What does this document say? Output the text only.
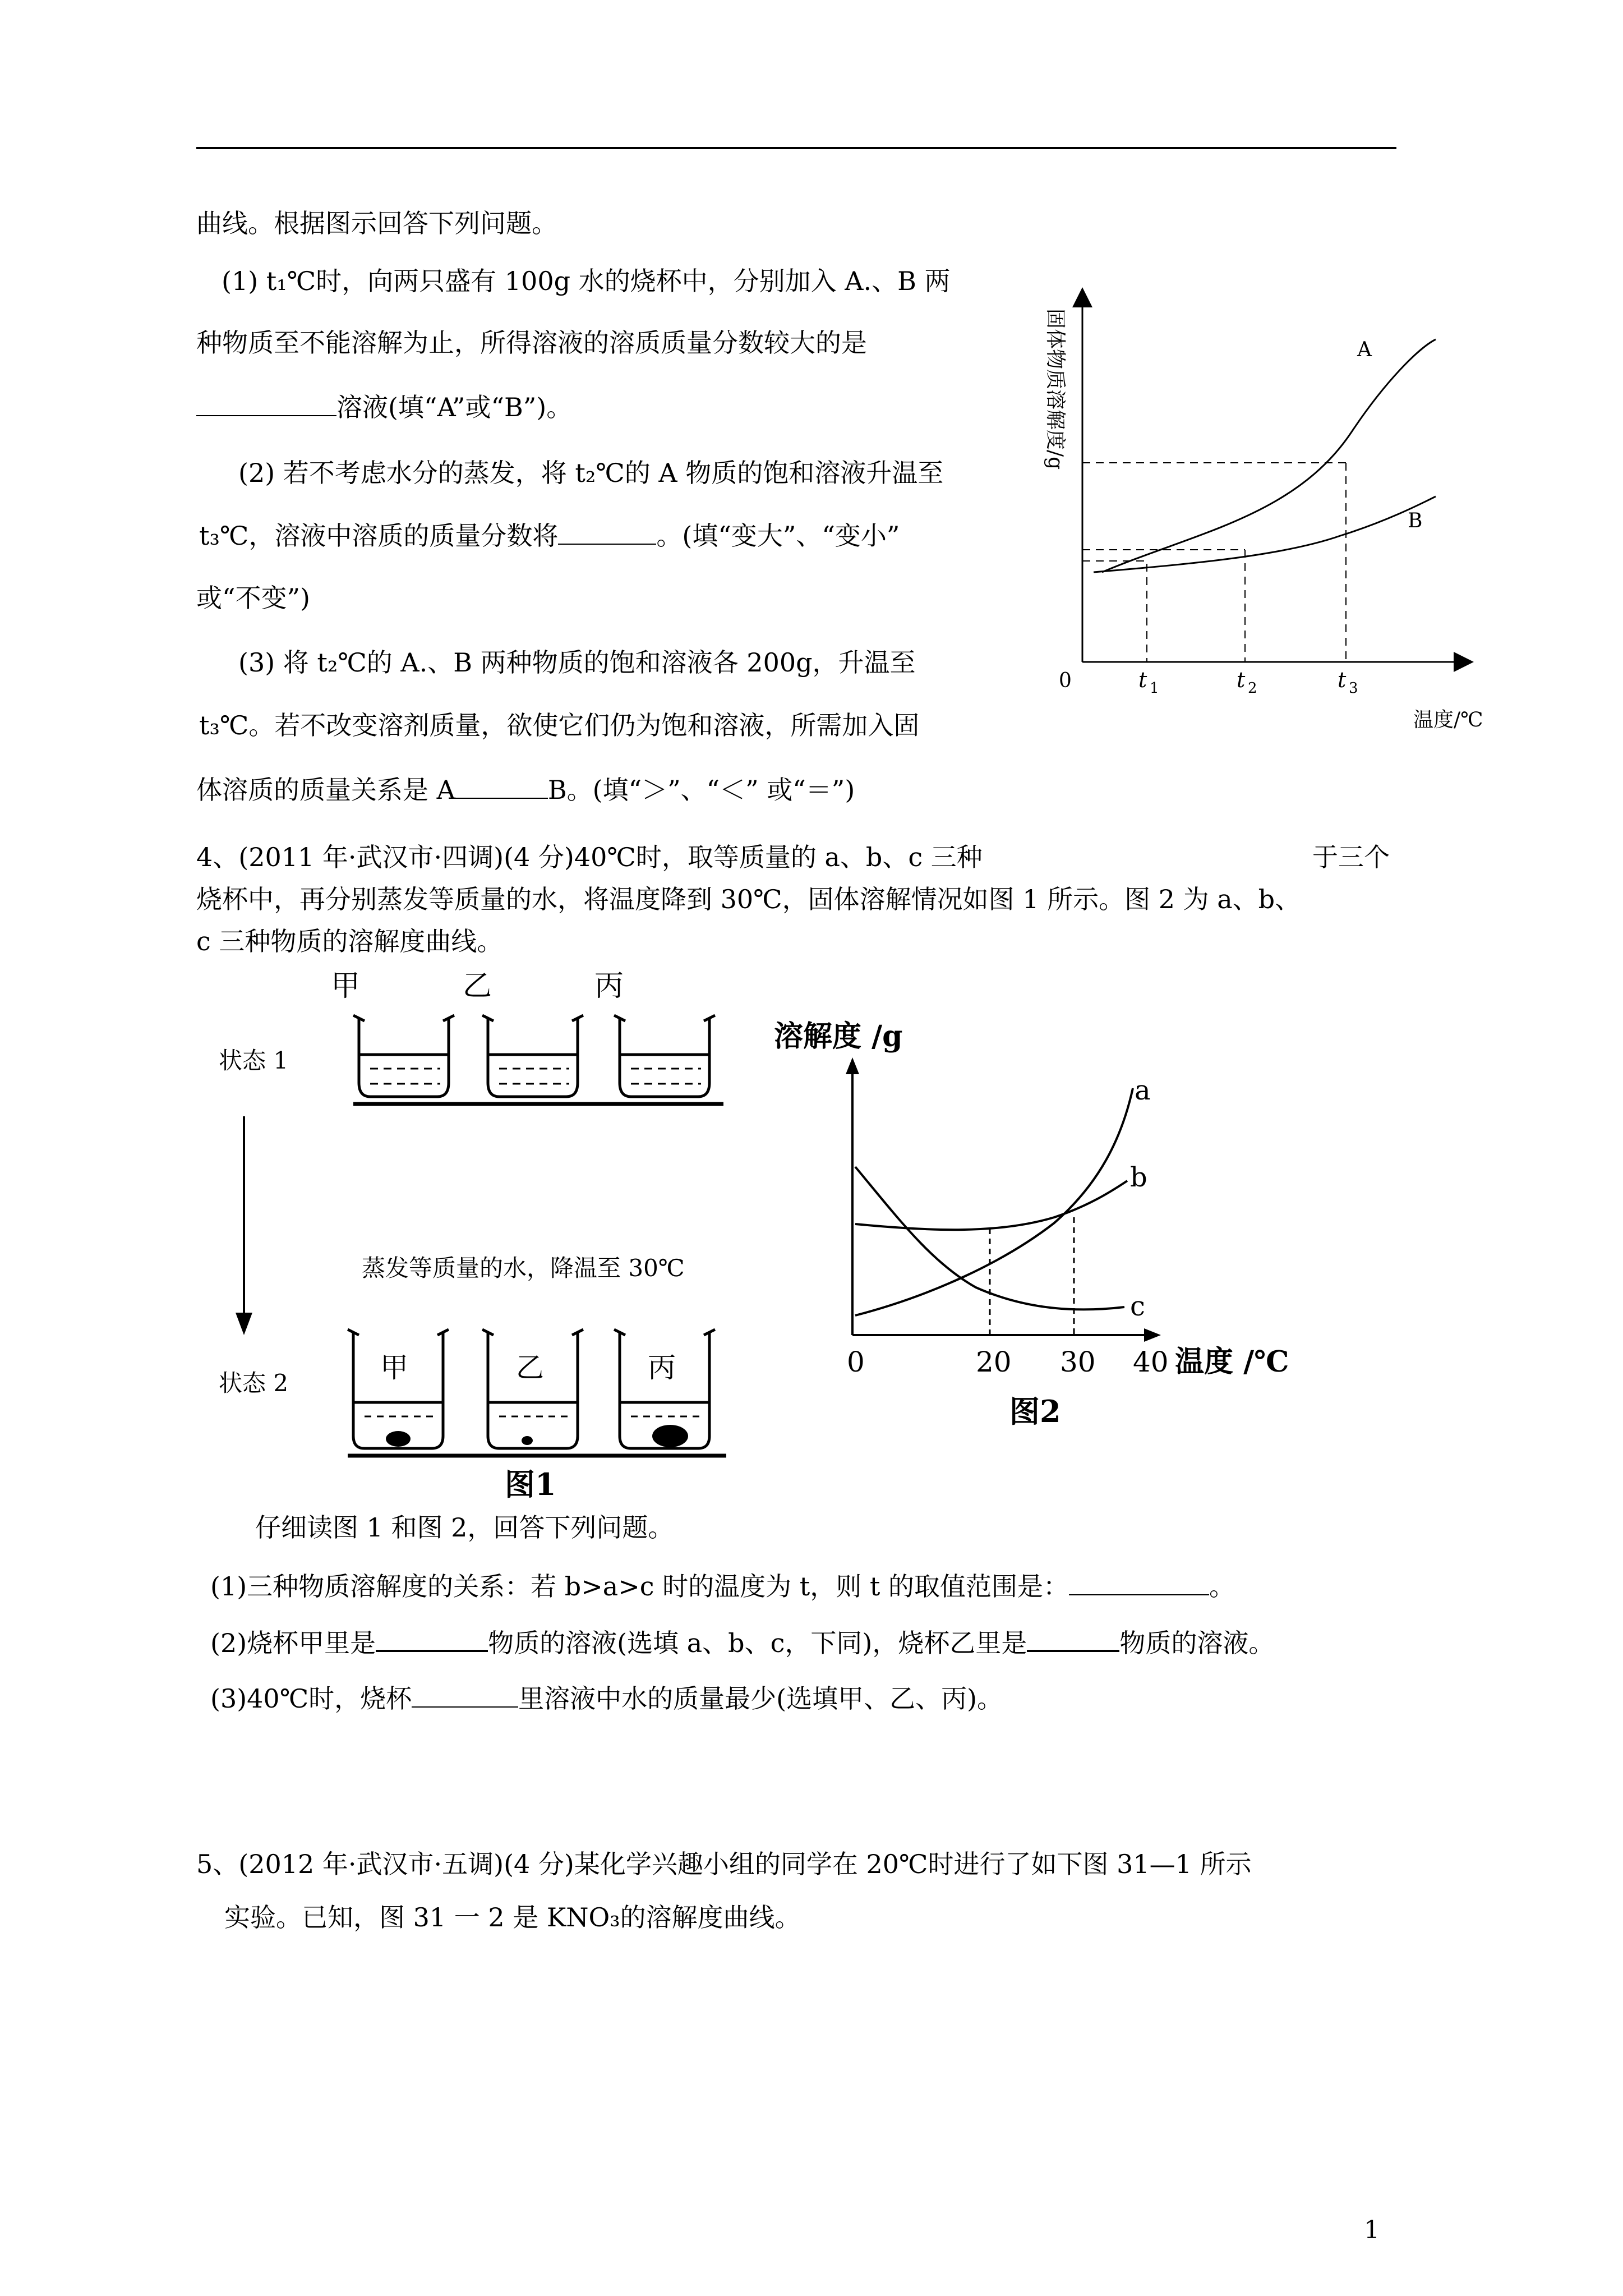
曲线。根据图示回答下列问题。
(1) t₁℃时，向两只盛有 100g 水的烧杯中，分别加入 A.、B 两
种物质至不能溶解为止，所得溶液的溶质质量分数较大的是
溶液(填“A”或“B”)。
(2) 若不考虑水分的蒸发，将 t₂℃的 A 物质的饱和溶液升温至
t₃℃，溶液中溶质的质量分数将	。(填“变大”、“变小”
或“不变”)
(3) 将 t₂℃的 A.、B 两种物质的饱和溶液各 200g，升温至
t₃℃。若不改变溶剂质量，欲使它们仍为饱和溶液，所需加入固
体溶质的质量关系是 A	B。(填“＞”、“＜” 或“＝”)
固体物质溶解度/g	A
B
0	t 1	t 2	t 3
温度/℃
4、(2011 年·武汉市·四调)(4 分)40℃时，取等质量的 a、b、c 三种	于三个
烧杯中，再分别蒸发等质量的水，将温度降到 30℃，固体溶解情况如图 1 所示。图 2 为 a、b、
c 三种物质的溶解度曲线。
甲	乙	丙
状态 1
蒸发等质量的水，降温至 30℃
甲	乙	丙
状态 2
图1
溶解度 /g
a
b
c
0	20 30 40 温度 /℃
图2
仔细读图 1 和图 2，回答下列问题。
(1)三种物质溶解度的关系：若 b>a>c 时的温度为 t，则 t 的取值范围是：	。
(2)烧杯甲里是	物质的溶液(选填 a、b、c，下同)，烧杯乙里是	物质的溶液。
(3)40℃时，烧杯	里溶液中水的质量最少(选填甲、乙、丙)。
5、(2012 年·武汉市·五调)(4 分)某化学兴趣小组的同学在 20℃时进行了如下图 31—1 所示
实验。已知，图 31 一 2 是 KNO₃的溶解度曲线。
1
